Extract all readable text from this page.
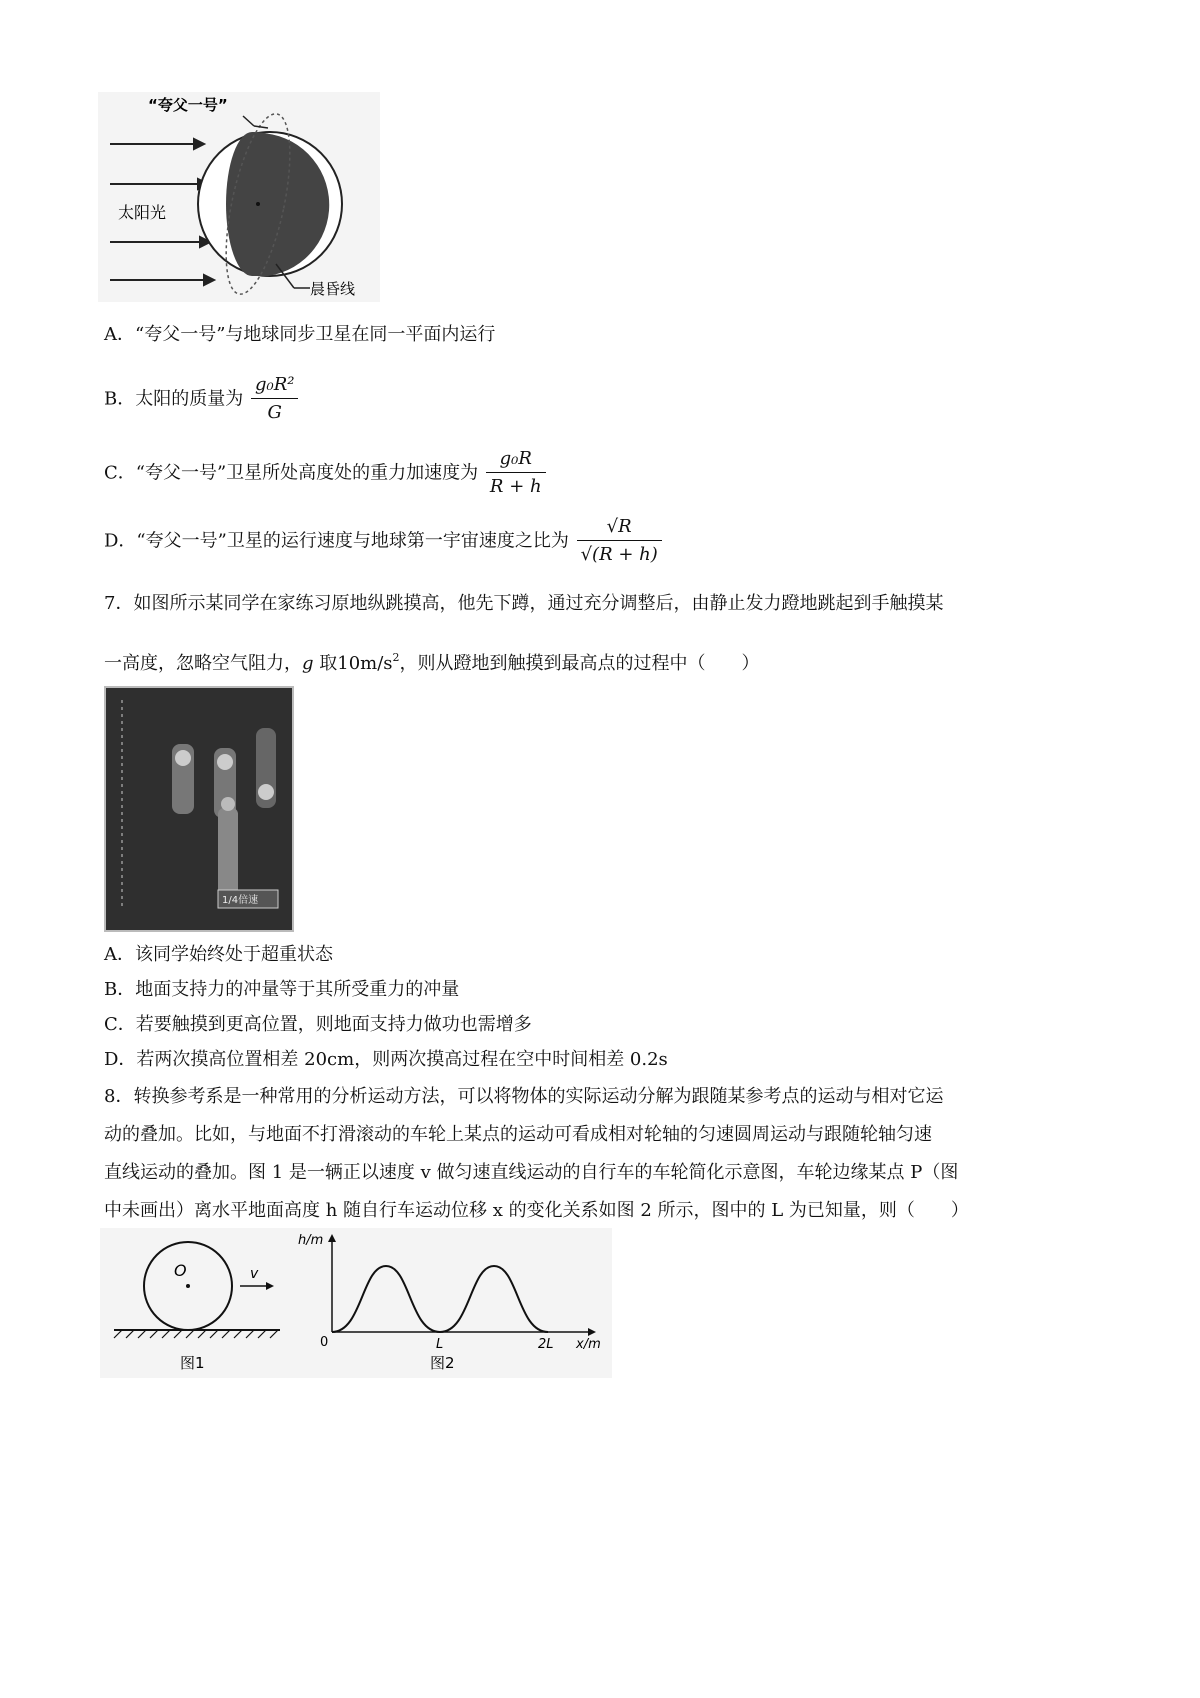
“夸父一号”
太阳光
晨昏线
A．“夸父一号”与地球同步卫星在同一平面内运行
B．太阳的质量为 $\frac{\text{g₀R²}}{G}$
C．“夸父一号”卫星所处高度处的重力加速度为 $\frac{\text{g₀R}}{R + h}$
D．“夸父一号”卫星的运行速度与地球第一宇宙速度之比为 $\frac{√R}{√(R + h)}$
7．如图所示某同学在家练习原地纵跳摸高，他先下蹲，通过充分调整后，由静止发力蹬地跳起到手触摸某
一高度，忽略空气阻力，g 取$10m/s^2$，则从蹬地到触摸到最高点的过程中（　　）
1/4倍速
A．该同学始终处于超重状态
B．地面支持力的冲量等于其所受重力的冲量
C．若要触摸到更高位置，则地面支持力做功也需增多
D．若两次摸高位置相差 20cm，则两次摸高过程在空中时间相差 0.2s
8．转换参考系是一种常用的分析运动方法，可以将物体的实际运动分解为跟随某参考点的运动与相对它运
动的叠加。比如，与地面不打滑滚动的车轮上某点的运动可看成相对轮轴的匀速圆周运动与跟随轮轴匀速
直线运动的叠加。图 1 是一辆正以速度 v 做匀速直线运动的自行车的车轮简化示意图，车轮边缘某点 P（图
中未画出）离水平地面高度 h 随自行车运动位移 x 的变化关系如图 2 所示，图中的 L 为已知量，则（　　）
O	v
图1
h/m
x/m
0	L	2L
图2
